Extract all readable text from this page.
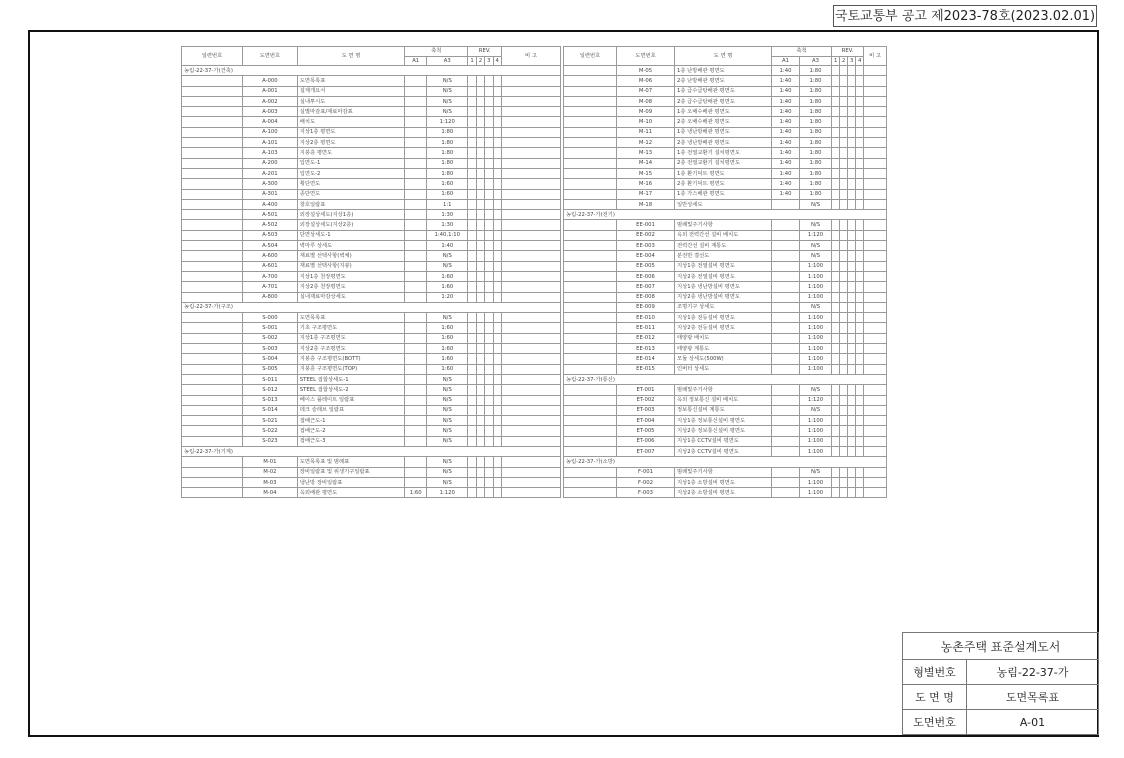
국토교통부 공고 제2023-78호(2023.02.01)
일련번호	도면번호	도 면 명	축척		REV.				비 고
			A1	A3	1	2	3	4	
농림-22-37-가(건축)									
	A-000	도면목록표		N/S					
	A-001	설계개요서		N/S					
	A-002	실내투시도		N/S					
	A-003	실별마감표/재료마감표		N/S					
	A-004	배치도		1:120					
	A-100	지상1층 평면도		1:80					
	A-101	지상2층 평면도		1:80					
	A-103	지붕층 평면도		1:80					
	A-200	입면도-1		1:80					
	A-201	입면도-2		1:80					
	A-300	횡단면도		1:60					
	A-301	종단면도		1:60					
	A-400	창호일람표		1:1					
	A-501	외장설상세도(지상1층)		1:30					
	A-502	외장설상세도(지상2층)		1:30					
	A-503	단면상세도-1		1:40,1:10					
	A-504	벽마루 상세도		1:40					
	A-600	재료별 선택사항(벽체)		N/S					
	A-601	재료별 선택사항(지붕)		N/S					
	A-700	지상1층 천장평면도		1:60					
	A-701	지상2층 천장평면도		1:60					
	A-800	실내재료마감상세도		1:20					
농림-22-37-가(구조)									
	S-000	도면목록표		N/S					
	S-001	기초 구조평면도		1:60					
	S-002	지상1층 구조평면도		1:60					
	S-003	지상2층 구조평면도		1:60					
	S-004	지붕층 구조평면도(BOTT)		1:60					
	S-005	지붕층 구조평면도(TOP)		1:60					
	S-011	STEEL 접합상세도-1		N/S					
	S-012	STEEL 접합상세도-2		N/S					
	S-013	베이스 플레이트 일람표		N/S					
	S-014	데크 슬래브 일람표		N/S					
	S-021	접배근도-1		N/S					
	S-022	접배근도-2		N/S					
	S-023	접배근도-3		N/S					
농림-22-37-가(기계)									
	M-01	도면목록표 및 범례표		N/S					
	M-02	장비일람표 및 위생기구일람표		N/S					
	M-03	냉난방 장비일람표		N/S					
	M-04	옥외배관 평면도	1:60	1:120					
일련번호	도면번호	도 면 명	축척		REV.				비 고
			A1	A3	1	2	3	4	
	M-05	1층 난방배관 평면도	1:40	1:80					
	M-06	2층 난방배관 평면도	1:40	1:80					
	M-07	1층 급수급탕배관 평면도	1:40	1:80					
	M-08	2층 급수급탕배관 평면도	1:40	1:80					
	M-09	1층 오배수배관 평면도	1:40	1:80					
	M-10	2층 오배수배관 평면도	1:40	1:80					
	M-11	1층 냉난방배관 평면도	1:40	1:80					
	M-12	2층 냉난방배관 평면도	1:40	1:80					
	M-13	1층 전열교환기 설치평면도	1:40	1:80					
	M-14	2층 전열교환기 설치평면도	1:40	1:80					
	M-15	1층 환기덕트 평면도	1:40	1:80					
	M-16	2층 환기덕트 평면도	1:40	1:80					
	M-17	1층 가스배관 평면도	1:40	1:80					
	M-18	일반상세도		N/S					
농림-22-37-가(전기)									
	EE-001	범례및주기사항		N/S					
	EE-002	옥외 전력간선 설비 배치도		1:120					
	EE-003	전력간선 설비 계통도		N/S					
	EE-004	분전반 결선도		N/S					
	EE-005	지상1층 전열설비 평면도		1:100					
	EE-006	지상2층 전열설비 평면도		1:100					
	EE-007	지상1층 냉난방설비 평면도		1:100					
	EE-008	지상2층 냉난방설비 평면도		1:100					
	EE-009	조명기구 상세도		N/S					
	EE-010	지상1층 전등설비 평면도		1:100					
	EE-011	지상2층 전등설비 평면도		1:100					
	EE-012	태양광 배치도		1:100					
	EE-013	태양광 계통도		1:100					
	EE-014	모듈 상세도(500W)		1:100					
	EE-015	인버터 상세도		1:100					
농림-22-37-가(통신)									
	ET-001	범례및주기사항		N/S					
	ET-002	옥외 정보통신 설비 배치도		1:120					
	ET-003	정보통신설비 계통도		N/S					
	ET-004	지상1층 정보통신설비 평면도		1:100					
	ET-005	지상2층 정보통신설비 평면도		1:100					
	ET-006	지상1층 CCTV설비 평면도		1:100					
	ET-007	지상2층 CCTV설비 평면도		1:100					
농림-22-37-가(소방)									
	F-001	범례및주기사항		N/S					
	F-002	지상1층 소방설비 평면도		1:100					
	F-003	지상2층 소방설비 평면도		1:100					
농촌주택 표준설계도서	
형별번호	농림-22-37-가
도 면 명	도면목록표
도면번호	A-01
